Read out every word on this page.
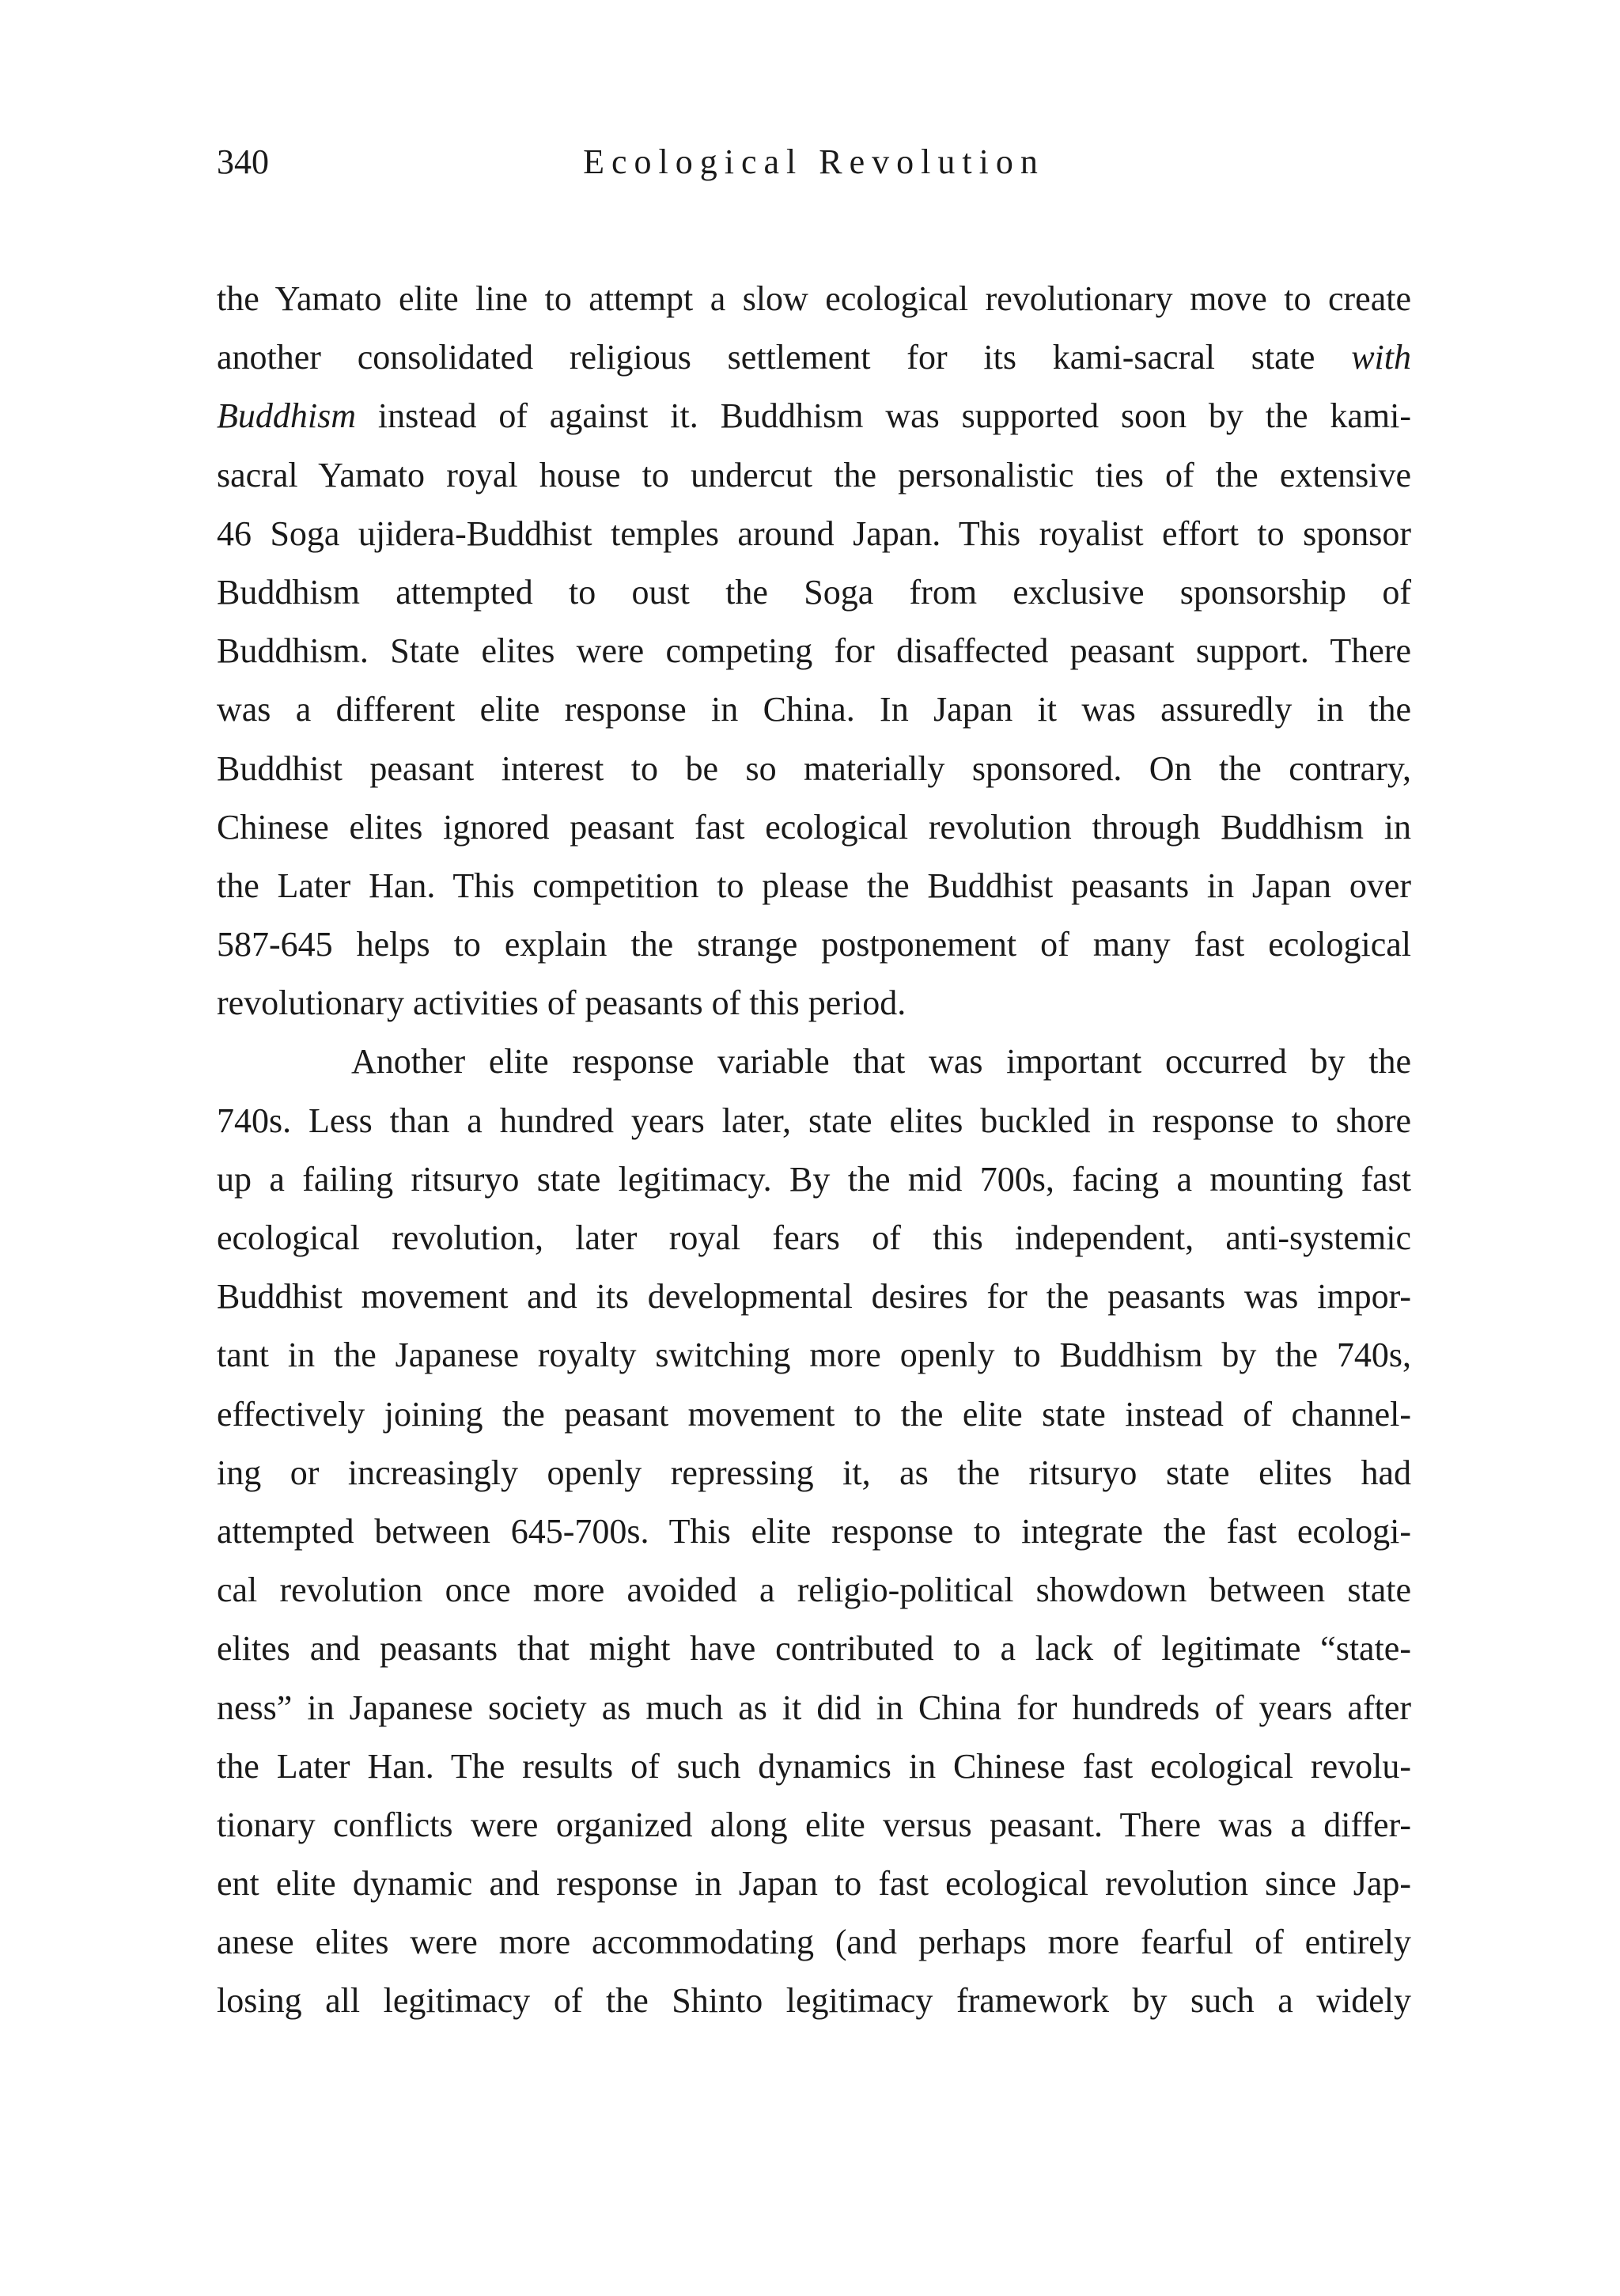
340	Ecological Revolution
the Yamato elite line to attempt a slow ecological revolutionary move to create
another consolidated religious settlement for its kami-sacral state with
Buddhism instead of against it. Buddhism was supported soon by the kami-
sacral Yamato royal house to undercut the personalistic ties of the extensive
46 Soga ujidera-Buddhist temples around Japan. This royalist effort to sponsor
Buddhism attempted to oust the Soga from exclusive sponsorship of
Buddhism. State elites were competing for disaffected peasant support. There
was a different elite response in China. In Japan it was assuredly in the
Buddhist peasant interest to be so materially sponsored. On the contrary,
Chinese elites ignored peasant fast ecological revolution through Buddhism in
the Later Han. This competition to please the Buddhist peasants in Japan over
587-645 helps to explain the strange postponement of many fast ecological
revolutionary activities of peasants of this period.
Another elite response variable that was important occurred by the
740s. Less than a hundred years later, state elites buckled in response to shore
up a failing ritsuryo state legitimacy. By the mid 700s, facing a mounting fast
ecological revolution, later royal fears of this independent, anti-systemic
Buddhist movement and its developmental desires for the peasants was impor-
tant in the Japanese royalty switching more openly to Buddhism by the 740s,
effectively joining the peasant movement to the elite state instead of channel-
ing or increasingly openly repressing it, as the ritsuryo state elites had
attempted between 645-700s. This elite response to integrate the fast ecologi-
cal revolution once more avoided a religio-political showdown between state
elites and peasants that might have contributed to a lack of legitimate “state-
ness” in Japanese society as much as it did in China for hundreds of years after
the Later Han. The results of such dynamics in Chinese fast ecological revolu-
tionary conflicts were organized along elite versus peasant. There was a differ-
ent elite dynamic and response in Japan to fast ecological revolution since Jap-
anese elites were more accommodating (and perhaps more fearful of entirely
losing all legitimacy of the Shinto legitimacy framework by such a widely
